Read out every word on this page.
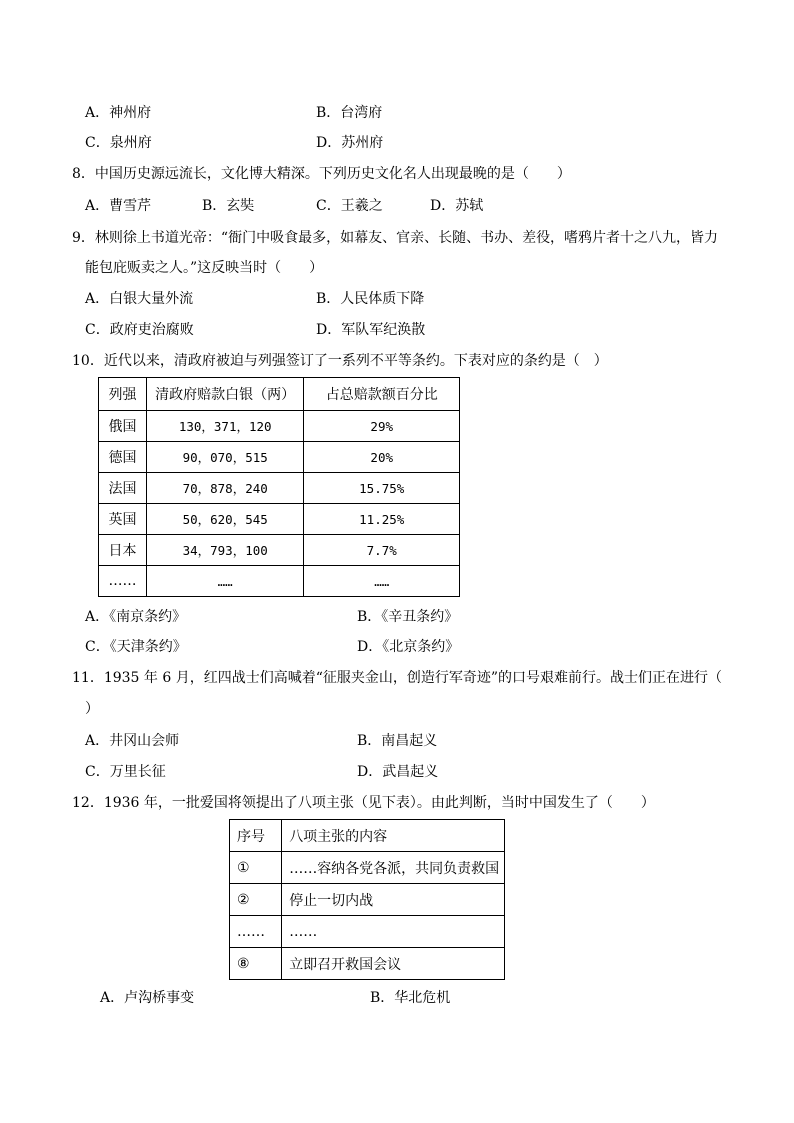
A．神州府	B．台湾府
C．泉州府	D．苏州府
8．中国历史源远流长，文化博大精深。下列历史文化名人出现最晚的是（　　）
A．曹雪芹	B．玄奘	C．王羲之	D．苏轼
9．林则徐上书道光帝：“衙门中吸食最多，如幕友、官亲、长随、书办、差役，嗜鸦片者十之八九，皆力
能包庇贩卖之人。”这反映当时（　　）
A．白银大量外流	B．人民体质下降
C．政府吏治腐败	D．军队军纪涣散
10．近代以来，清政府被迫与列强签订了一系列不平等条约。下表对应的条约是（　）
列强	清政府赔款白银（两）	占总赔款额百分比
俄国	130，371，120	29%
德国	90，070，515	20%
法国	70，878，240	15.75%
英国	50，620，545	11.25%
日本	34，793，100	7.7%
……	……	……
A．《南京条约》	B．《辛丑条约》
C．《天津条约》	D．《北京条约》
11．1935 年 6 月，红四战士们高喊着“征服夹金山，创造行军奇迹”的口号艰难前行。战士们正在进行（
）
A．井冈山会师	B．南昌起义
C．万里长征	D．武昌起义
12．1936 年，一批爱国将领提出了八项主张（见下表）。由此判断，当时中国发生了（　　）
序号	八项主张的内容
①	……容纳各党各派，共同负责救国
②	停止一切内战
……	……
⑧	立即召开救国会议
A．卢沟桥事变	B．华北危机
